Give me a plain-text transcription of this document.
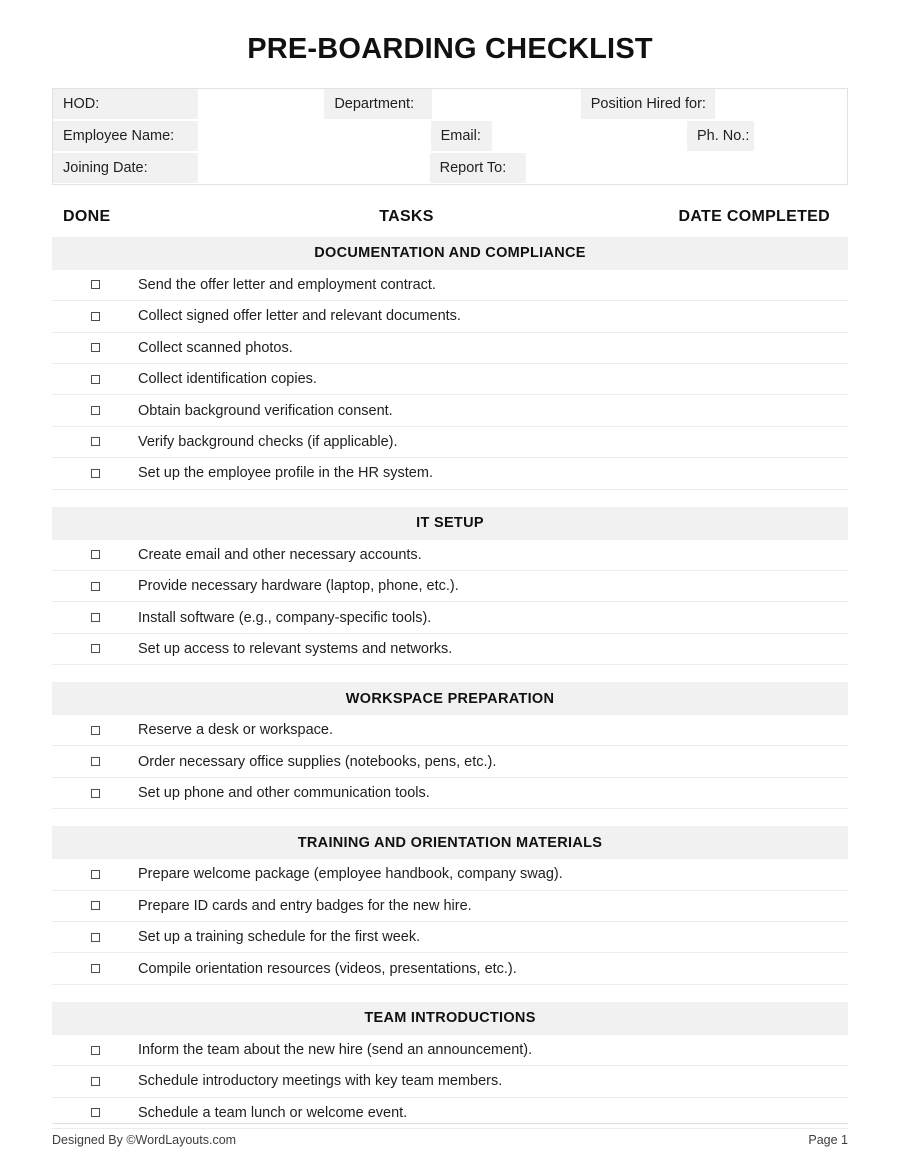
PRE-BOARDING CHECKLIST
HOD:	Department:	Position Hired for:
Employee Name:	Email:	Ph. No.:
Joining Date:	Report To:
DONE	TASKS	DATE COMPLETED
DOCUMENTATION AND COMPLIANCE
Send the offer letter and employment contract.
Collect signed offer letter and relevant documents.
Collect scanned photos.
Collect identification copies.
Obtain background verification consent.
Verify background checks (if applicable).
Set up the employee profile in the HR system.
IT SETUP
Create email and other necessary accounts.
Provide necessary hardware (laptop, phone, etc.).
Install software (e.g., company-specific tools).
Set up access to relevant systems and networks.
WORKSPACE PREPARATION
Reserve a desk or workspace.
Order necessary office supplies (notebooks, pens, etc.).
Set up phone and other communication tools.
TRAINING AND ORIENTATION MATERIALS
Prepare welcome package (employee handbook, company swag).
Prepare ID cards and entry badges for the new hire.
Set up a training schedule for the first week.
Compile orientation resources (videos, presentations, etc.).
TEAM INTRODUCTIONS
Inform the team about the new hire (send an announcement).
Schedule introductory meetings with key team members.
Schedule a team lunch or welcome event.
Designed By ©WordLayouts.com	Page 1
